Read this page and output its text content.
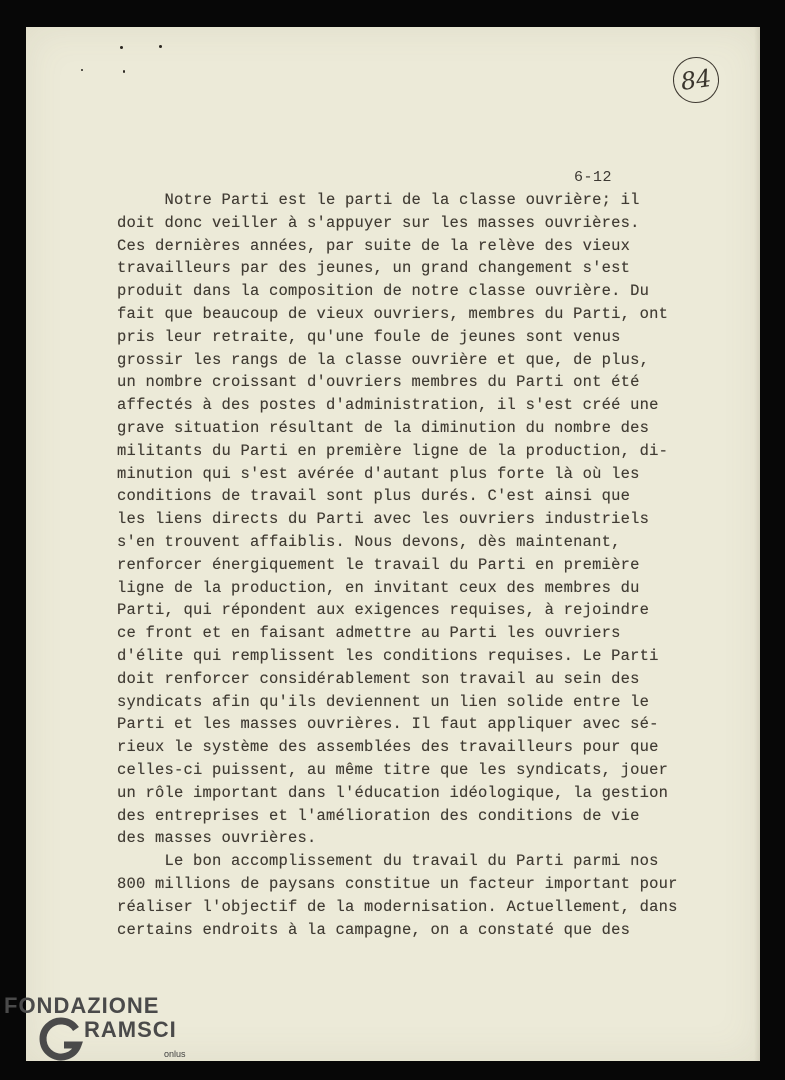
84
6-12
Notre Parti est le parti de la classe ouvrière; il
doit donc veiller à s'appuyer sur les masses ouvrières.
Ces dernières années, par suite de la relève des vieux
travailleurs par des jeunes, un grand changement s'est
produit dans la composition de notre classe ouvrière. Du
fait que beaucoup de vieux ouvriers, membres du Parti, ont
pris leur retraite, qu'une foule de jeunes sont venus
grossir les rangs de la classe ouvrière et que, de plus,
un nombre croissant d'ouvriers membres du Parti ont été
affectés à des postes d'administration, il s'est créé une
grave situation résultant de la diminution du nombre des
militants du Parti en première ligne de la production, di-
minution qui s'est avérée d'autant plus forte là où les
conditions de travail sont plus durés. C'est ainsi que
les liens directs du Parti avec les ouvriers industriels
s'en trouvent affaiblis. Nous devons, dès maintenant,
renforcer énergiquement le travail du Parti en première
ligne de la production, en invitant ceux des membres du
Parti, qui répondent aux exigences requises, à rejoindre
ce front et en faisant admettre au Parti les ouvriers
d'élite qui remplissent les conditions requises. Le Parti
doit renforcer considérablement son travail au sein des
syndicats afin qu'ils deviennent un lien solide entre le
Parti et les masses ouvrières. Il faut appliquer avec sé-
rieux le système des assemblées des travailleurs pour que
celles-ci puissent, au même titre que les syndicats, jouer
un rôle important dans l'éducation idéologique, la gestion
des entreprises et l'amélioration des conditions de vie
des masses ouvrières.
Le bon accomplissement du travail du Parti parmi nos
800 millions de paysans constitue un facteur important pour
réaliser l'objectif de la modernisation. Actuellement, dans
certains endroits à la campagne, on a constaté que des
FONDAZIONE
RAMSCI
onlus
